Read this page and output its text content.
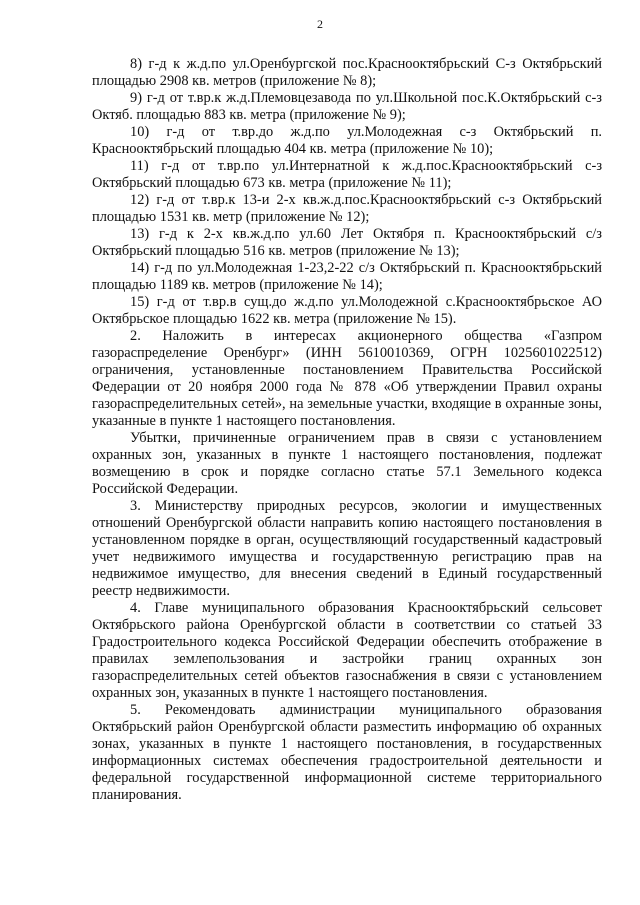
2

8) г-д к ж.д.по ул.Оренбургской пос.Краснооктябрьский С-з Октябрьский площадью 2908 кв. метров (приложение № 8);

9) г-д от т.вр.к ж.д.Племовцезавода по ул.Школьной пос.К.Октябрьский с-з Октяб. площадью 883 кв. метра (приложение № 9);

10) г-д от т.вр.до ж.д.по ул.Молодежная с-з Октябрьский п. Краснооктябрьский площадью 404 кв. метра (приложение № 10);

11) г-д от т.вр.по ул.Интернатной к ж.д.пос.Краснооктябрьский с-з Октябрьский площадью 673 кв. метра (приложение № 11);

12) г-д от т.вр.к 13-и 2-х кв.ж.д.пос.Краснооктябрьский с-з Октябрьский площадью 1531 кв. метр (приложение № 12);

13) г-д к 2-х кв.ж.д.по ул.60 Лет Октября п. Краснооктябрьский с/з Октябрьский площадью 516 кв. метров (приложение № 13);

14) г-д по ул.Молодежная 1-23,2-22 с/з Октябрьский п. Краснооктябрьский площадью 1189 кв. метров (приложение № 14);

15) г-д от т.вр.в сущ.до ж.д.по ул.Молодежной с.Краснооктябрьское АО Октябрьское площадью 1622 кв. метра (приложение № 15).

2. Наложить в интересах акционерного общества «Газпром газораспределение Оренбург» (ИНН 5610010369, ОГРН 1025601022512) ограничения, установленные постановлением Правительства Российской Федерации от 20 ноября 2000 года № 878 «Об утверждении Правил охраны газораспределительных сетей», на земельные участки, входящие в охранные зоны, указанные в пункте 1 настоящего постановления.

Убытки, причиненные ограничением прав в связи с установлением охранных зон, указанных в пункте 1 настоящего постановления, подлежат возмещению в срок и порядке согласно статье 57.1 Земельного кодекса Российской Федерации.

3. Министерству природных ресурсов, экологии и имущественных отношений Оренбургской области направить копию настоящего постановления в установленном порядке в орган, осуществляющий государственный кадастровый учет недвижимого имущества и государственную регистрацию прав на недвижимое имущество, для внесения сведений в Единый государственный реестр недвижимости.

4. Главе муниципального образования Краснооктябрьский сельсовет Октябрьского района Оренбургской области в соответствии со статьей 33 Градостроительного кодекса Российской Федерации обеспечить отображение в правилах землепользования и застройки границ охранных зон газораспределительных сетей объектов газоснабжения в связи с установлением охранных зон, указанных в пункте 1 настоящего постановления.

5. Рекомендовать администрации муниципального образования Октябрьский район Оренбургской области разместить информацию об охранных зонах, указанных в пункте 1 настоящего постановления, в государственных информационных системах обеспечения градостроительной деятельности и федеральной государственной информационной системе территориального планирования.
